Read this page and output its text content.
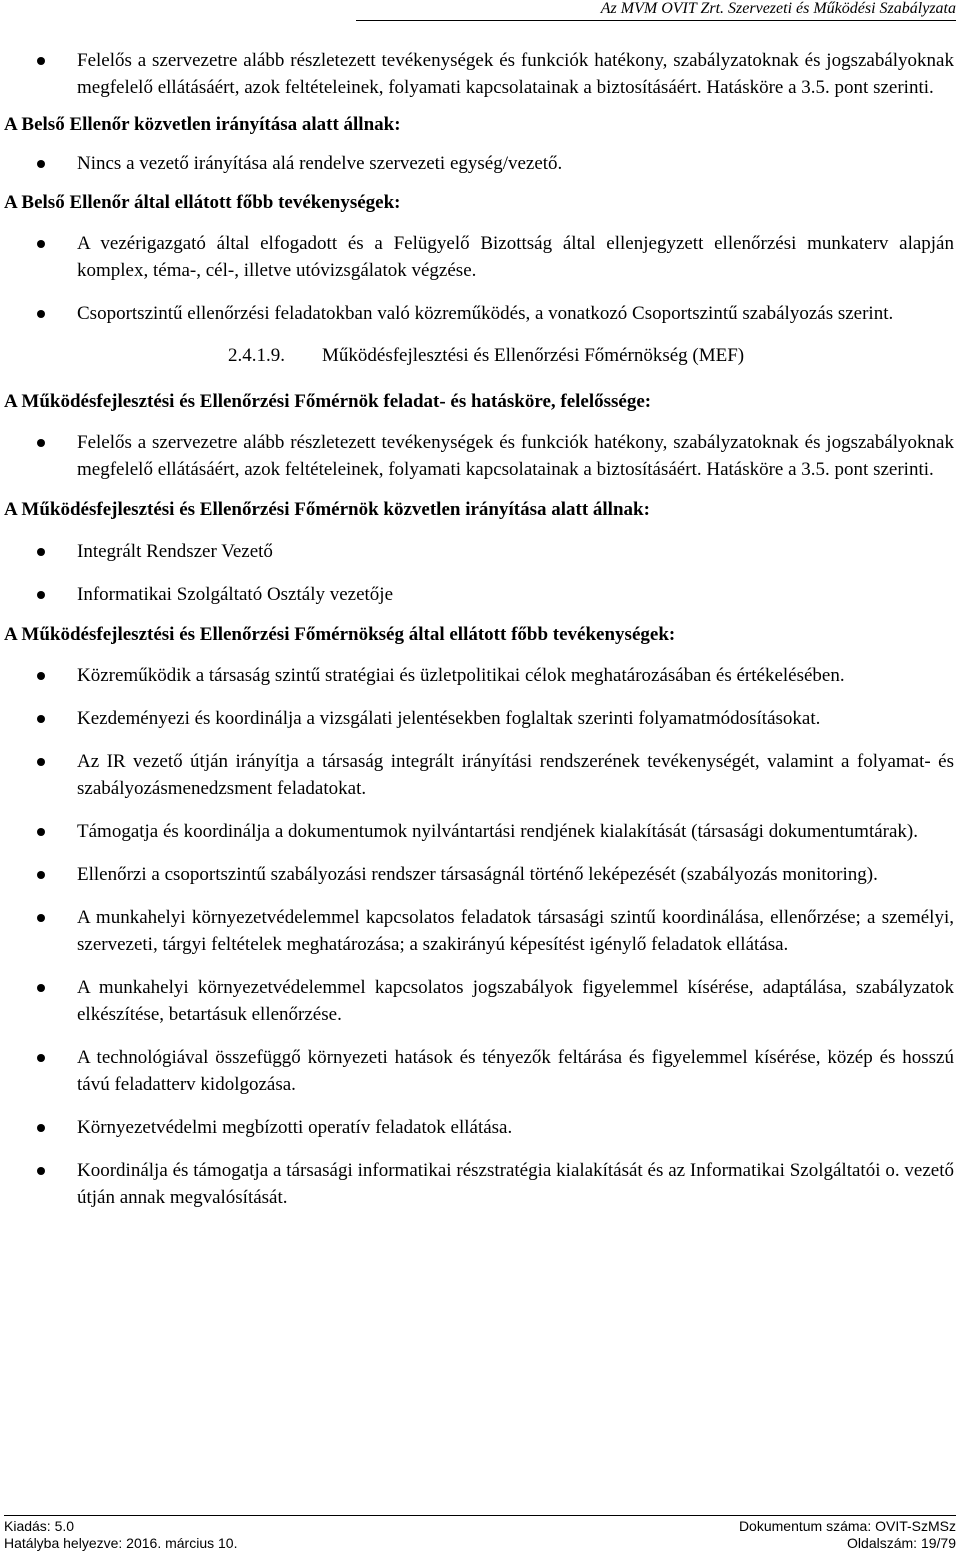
Az MVM OVIT Zrt. Szervezeti és Működési Szabályzata
Felelős a szervezetre alább részletezett tevékenységek és funkciók hatékony, szabályzatoknak és jogszabályoknak megfelelő ellátásáért, azok feltételeinek, folyamati kapcsolatainak a biztosításáért. Hatásköre a 3.5. pont szerinti.

A Belső Ellenőr közvetlen irányítása alatt állnak:

Nincs a vezető irányítása alá rendelve szervezeti egység/vezető.

A Belső Ellenőr által ellátott főbb tevékenységek:

A vezérigazgató által elfogadott és a Felügyelő Bizottság által ellenjegyzett ellenőrzési munkaterv alapján komplex, téma-, cél-, illetve utóvizsgálatok végzése.
Csoportszintű ellenőrzési feladatokban való közreműködés, a vonatkozó Csoportszintű szabályozás szerint.

2.4.1.9. Működésfejlesztési és Ellenőrzési Főmérnökség (MEF)

A Működésfejlesztési és Ellenőrzési Főmérnök feladat- és hatásköre, felelőssége:

Felelős a szervezetre alább részletezett tevékenységek és funkciók hatékony, szabályzatoknak és jogszabályoknak megfelelő ellátásáért, azok feltételeinek, folyamati kapcsolatainak a biztosításáért. Hatásköre a 3.5. pont szerinti.

A Működésfejlesztési és Ellenőrzési Főmérnök közvetlen irányítása alatt állnak:

Integrált Rendszer Vezető
Informatikai Szolgáltató Osztály vezetője

A Működésfejlesztési és Ellenőrzési Főmérnökség által ellátott főbb tevékenységek:

Közreműködik a társaság szintű stratégiai és üzletpolitikai célok meghatározásában és értékelésében.
Kezdeményezi és koordinálja a vizsgálati jelentésekben foglaltak szerinti folyamatmódosításokat.
Az IR vezető útján irányítja a társaság integrált irányítási rendszerének tevékenységét, valamint a folyamat- és szabályozásmenedzsment feladatokat.
Támogatja és koordinálja a dokumentumok nyilvántartási rendjének kialakítását (társasági dokumentumtárak).
Ellenőrzi a csoportszintű szabályozási rendszer társaságnál történő leképezését (szabályozás monitoring).
A munkahelyi környezetvédelemmel kapcsolatos feladatok társasági szintű koordinálása, ellenőrzése; a személyi, szervezeti, tárgyi feltételek meghatározása; a szakirányú képesítést igénylő feladatok ellátása.
A munkahelyi környezetvédelemmel kapcsolatos jogszabályok figyelemmel kísérése, adaptálása, szabályzatok elkészítése, betartásuk ellenőrzése.
A technológiával összefüggő környezeti hatások és tényezők feltárása és figyelemmel kísérése, közép és hosszú távú feladatterv kidolgozása.
Környezetvédelmi megbízotti operatív feladatok ellátása.
Koordinálja és támogatja a társasági informatikai részstratégia kialakítását és az Informatikai Szolgáltatói o. vezető útján annak megvalósítását.
Kiadás: 5.0	Dokumentum száma: OVIT-SzMSz
Hatályba helyezve: 2016. március 10.	Oldalszám: 19/79
